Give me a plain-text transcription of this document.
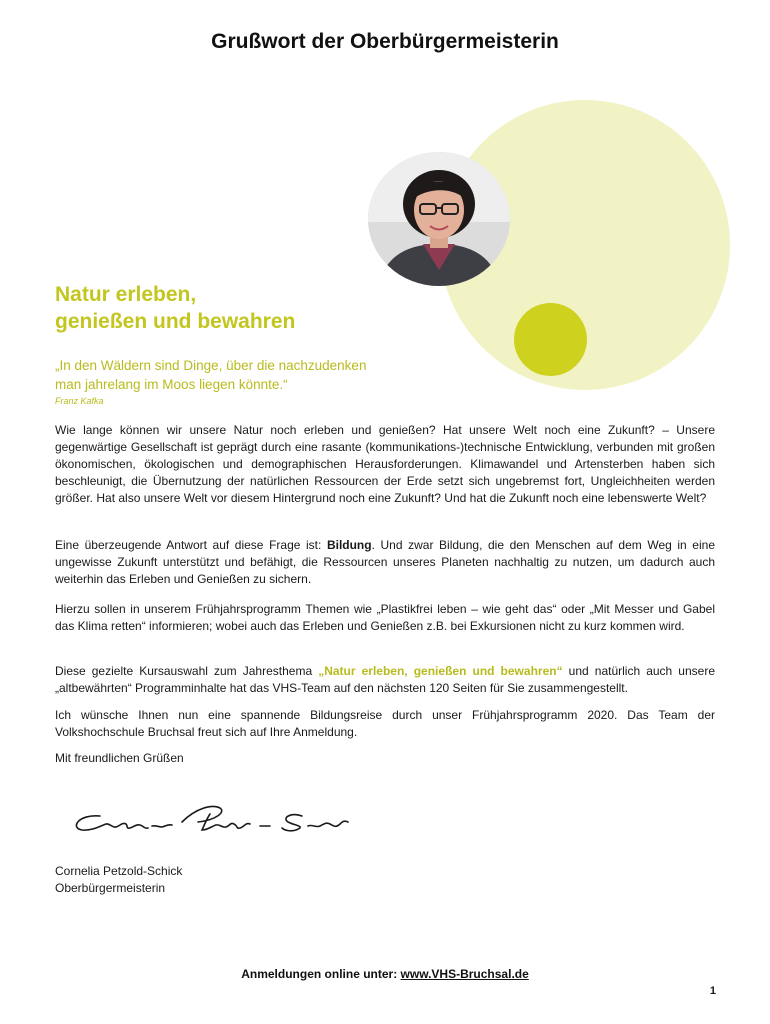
Grußwort der Oberbürgermeisterin
Natur erleben,
genießen und bewahren
„In den Wäldern sind Dinge, über die nachzudenken
man jahrelang im Moos liegen könnte.“
Franz Kafka
Wie lange können wir unsere Natur noch erleben und genießen? Hat unsere Welt noch eine Zukunft? – Unsere gegenwärtige Gesellschaft ist geprägt durch eine rasante (kommunikations-)technische Entwicklung, verbunden mit großen ökonomischen, ökologischen und demographischen Herausforderungen. Klimawandel und Artensterben haben sich beschleunigt, die Übernutzung der natürlichen Ressourcen der Erde setzt sich ungebremst fort, Ungleichheiten werden größer. Hat also unsere Welt vor diesem Hintergrund noch eine Zukunft? Und hat die Zukunft noch eine lebenswerte Welt?
Eine überzeugende Antwort auf diese Frage ist: Bildung. Und zwar Bildung, die den Menschen auf dem Weg in eine ungewisse Zukunft unterstützt und befähigt, die Ressourcen unseres Planeten nachhaltig zu nutzen, um dadurch auch weiterhin das Erleben und Genießen zu sichern.
Hierzu sollen in unserem Frühjahrsprogramm Themen wie „Plastikfrei leben – wie geht das“ oder „Mit Messer und Gabel das Klima retten“ informieren; wobei auch das Erleben und Genießen z.B. bei Exkursionen nicht zu kurz kommen wird.
Diese gezielte Kursauswahl zum Jahresthema „Natur erleben, genießen und bewahren“ und natürlich auch unsere „altbewährten“ Programminhalte hat das VHS-Team auf den nächsten 120 Seiten für Sie zusammengestellt.
Ich wünsche Ihnen nun eine spannende Bildungsreise durch unser Frühjahrsprogramm 2020. Das Team der Volkshochschule Bruchsal freut sich auf Ihre Anmeldung.
Mit freundlichen Grüßen
Cornelia Petzold-Schick
Oberbürgermeisterin
Anmeldungen online unter: www.VHS-Bruchsal.de
1
